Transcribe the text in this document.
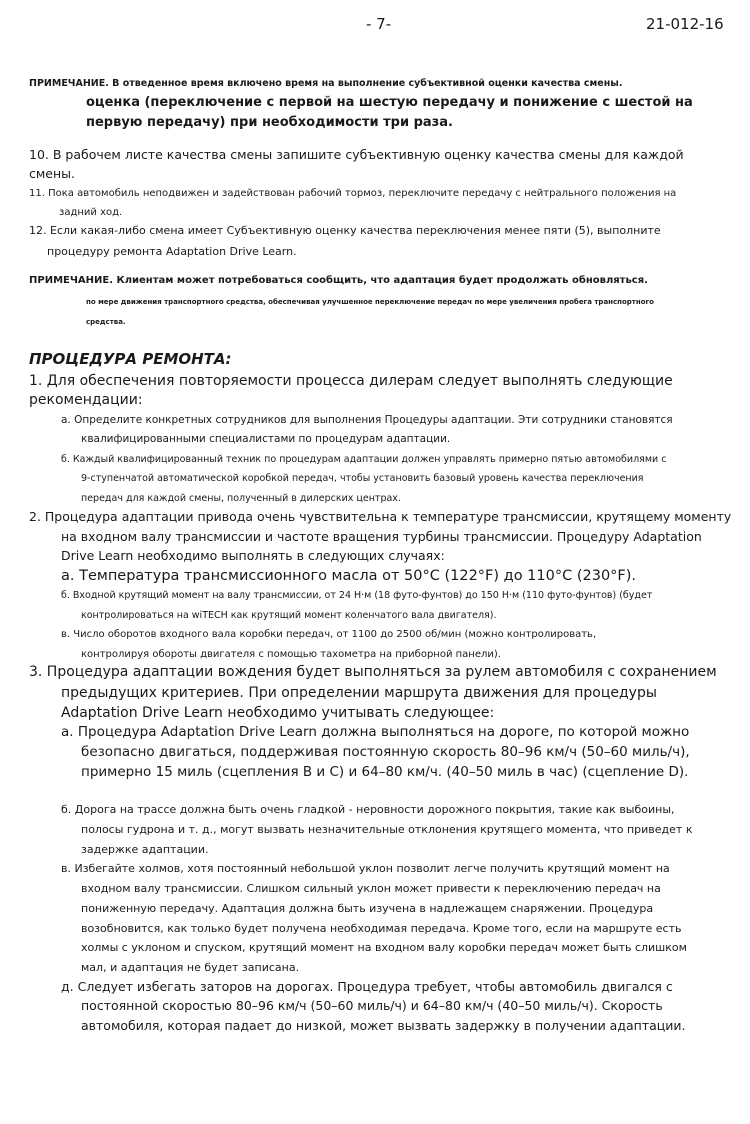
- 7-	21-012-16
ПРИМЕЧАНИЕ. В отведенное время включено время на выполнение субъективной оценки качества смены.
оценка (переключение с первой на шестую передачу и понижение с шестой на
первую передачу) при необходимости три раза.
10. В рабочем листе качества смены запишите субъективную оценку качества смены для каждой
смены.
11. Пока автомобиль неподвижен и задействован рабочий тормоз, переключите передачу с нейтрального положения на
задний ход.
12. Если какая-либо смена имеет Субъективную оценку качества переключения менее пяти (5), выполните
процедуру ремонта Adaptation Drive Learn.
ПРИМЕЧАНИЕ. Клиентам может потребоваться сообщить, что адаптация будет продолжать обновляться.
по мере движения транспортного средства, обеспечивая улучшенное переключение передач по мере увеличения пробега транспортного
средства.
ПРОЦЕДУРА РЕМОНТА:
1. Для обеспечения повторяемости процесса дилерам следует выполнять следующие
рекомендации:
а. Определите конкретных сотрудников для выполнения Процедуры адаптации. Эти сотрудники становятся
квалифицированными специалистами по процедурам адаптации.
б. Каждый квалифицированный техник по процедурам адаптации должен управлять примерно пятью автомобилями с
9-ступенчатой автоматической коробкой передач, чтобы установить базовый уровень качества переключения
передач для каждой смены, полученный в дилерских центрах.
2. Процедура адаптации привода очень чувствительна к температуре трансмиссии, крутящему моменту
на входном валу трансмиссии и частоте вращения турбины трансмиссии. Процедуру Adaptation
Drive Learn необходимо выполнять в следующих случаях:
а. Температура трансмиссионного масла от 50°C (122°F) до 110°C (230°F).
б. Входной крутящий момент на валу трансмиссии, от 24 Н·м (18 футо-фунтов) до 150 Н·м (110 футо-фунтов) (будет
контролироваться на wiTECH как крутящий момент коленчатого вала двигателя).
в. Число оборотов входного вала коробки передач, от 1100 до 2500 об/мин (можно контролировать,
контролируя обороты двигателя с помощью тахометра на приборной панели).
3. Процедура адаптации вождения будет выполняться за рулем автомобиля с сохранением
предыдущих критериев. При определении маршрута движения для процедуры
Adaptation Drive Learn необходимо учитывать следующее:
а. Процедура Adaptation Drive Learn должна выполняться на дороге, по которой можно
безопасно двигаться, поддерживая постоянную скорость 80–96 км/ч (50–60 миль/ч),
примерно 15 миль (сцепления B и C) и 64–80 км/ч. (40–50 миль в час) (сцепление D).
б. Дорога на трассе должна быть очень гладкой - неровности дорожного покрытия, такие как выбоины,
полосы гудрона и т. д., могут вызвать незначительные отклонения крутящего момента, что приведет к
задержке адаптации.
в. Избегайте холмов, хотя постоянный небольшой уклон позволит легче получить крутящий момент на
входном валу трансмиссии. Слишком сильный уклон может привести к переключению передач на
пониженную передачу. Адаптация должна быть изучена в надлежащем снаряжении. Процедура
возобновится, как только будет получена необходимая передача. Кроме того, если на маршруте есть
холмы с уклоном и спуском, крутящий момент на входном валу коробки передач может быть слишком
мал, и адаптация не будет записана.
д. Следует избегать заторов на дорогах. Процедура требует, чтобы автомобиль двигался с
постоянной скоростью 80–96 км/ч (50–60 миль/ч) и 64–80 км/ч (40–50 миль/ч). Скорость
автомобиля, которая падает до низкой, может вызвать задержку в получении адаптации.
